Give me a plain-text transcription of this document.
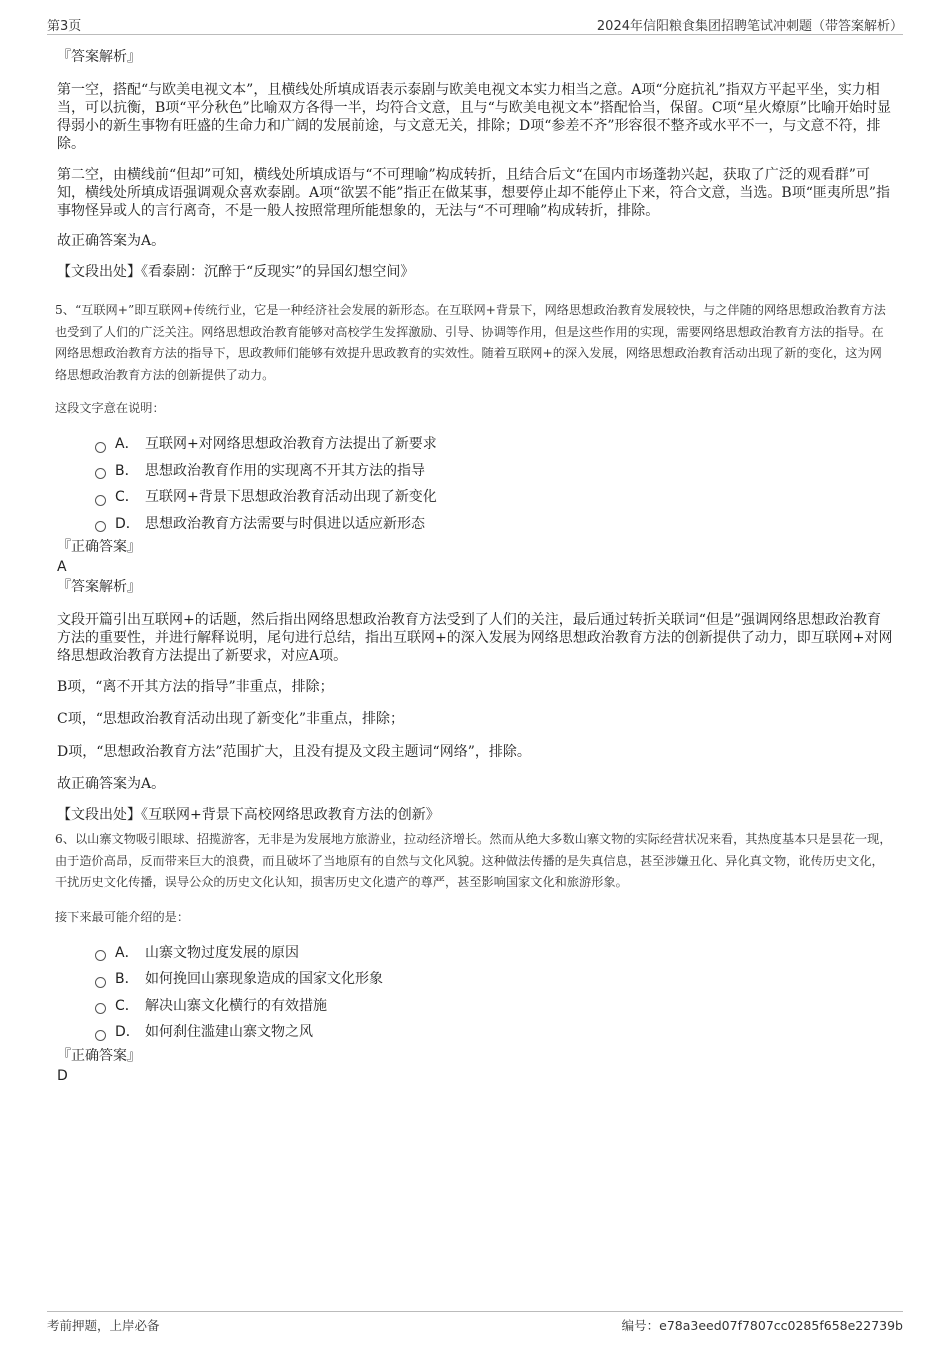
第3页	2024年信阳粮食集团招聘笔试冲刺题（带答案解析）

『答案解析』

第一空，搭配“与欧美电视文本”，且横线处所填成语表示泰剧与欧美电视文本实力相当之意。A项“分庭抗礼”指双方平起平坐，实力相当，可以抗衡，B项“平分秋色”比喻双方各得一半，均符合文意，且与“与欧美电视文本”搭配恰当，保留。C项“星火燎原”比喻开始时显得弱小的新生事物有旺盛的生命力和广阔的发展前途，与文意无关，排除；D项“参差不齐”形容很不整齐或水平不一，与文意不符，排除。

第二空，由横线前“但却”可知，横线处所填成语与“不可理喻”构成转折，且结合后文“在国内市场蓬勃兴起，获取了广泛的观看群”可知，横线处所填成语强调观众喜欢泰剧。A项“欲罢不能”指正在做某事，想要停止却不能停止下来，符合文意，当选。B项“匪夷所思”指事物怪异或人的言行离奇，不是一般人按照常理所能想象的，无法与“不可理喻”构成转折，排除。

故正确答案为A。

【文段出处】《看泰剧：沉醉于“反现实”的异国幻想空间》

5、“互联网+”即互联网+传统行业，它是一种经济社会发展的新形态。在互联网+背景下，网络思想政治教育发展较快，与之伴随的网络思想政治教育方法也受到了人们的广泛关注。网络思想政治教育能够对高校学生发挥激励、引导、协调等作用，但是这些作用的实现，需要网络思想政治教育方法的指导。在网络思想政治教育方法的指导下，思政教师们能够有效提升思政教育的实效性。随着互联网+的深入发展，网络思想政治教育活动出现了新的变化，这为网络思想政治教育方法的创新提供了动力。

这段文字意在说明：

A． 互联网+对网络思想政治教育方法提出了新要求
B． 思想政治教育作用的实现离不开其方法的指导
C． 互联网+背景下思想政治教育活动出现了新变化
D． 思想政治教育方法需要与时俱进以适应新形态

『正确答案』

A

『答案解析』

文段开篇引出互联网+的话题，然后指出网络思想政治教育方法受到了人们的关注，最后通过转折关联词“但是”强调网络思想政治教育方法的重要性，并进行解释说明，尾句进行总结，指出互联网+的深入发展为网络思想政治教育方法的创新提供了动力，即互联网+对网络思想政治教育方法提出了新要求，对应A项。

B项，“离不开其方法的指导”非重点，排除；

C项，“思想政治教育活动出现了新变化”非重点，排除；

D项，“思想政治教育方法”范围扩大，且没有提及文段主题词“网络”，排除。

故正确答案为A。

【文段出处】《互联网+背景下高校网络思政教育方法的创新》

6、以山寨文物吸引眼球、招揽游客，无非是为发展地方旅游业，拉动经济增长。然而从绝大多数山寨文物的实际经营状况来看，其热度基本只是昙花一现，由于造价高昂，反而带来巨大的浪费，而且破坏了当地原有的自然与文化风貌。这种做法传播的是失真信息，甚至涉嫌丑化、异化真文物，讹传历史文化，干扰历史文化传播，误导公众的历史文化认知，损害历史文化遗产的尊严，甚至影响国家文化和旅游形象。

接下来最可能介绍的是：

A． 山寨文物过度发展的原因
B． 如何挽回山寨现象造成的国家文化形象
C． 解决山寨文化横行的有效措施
D． 如何刹住滥建山寨文物之风

『正确答案』

D

考前押题，上岸必备	编号：e78a3eed07f7807cc0285f658e22739b
